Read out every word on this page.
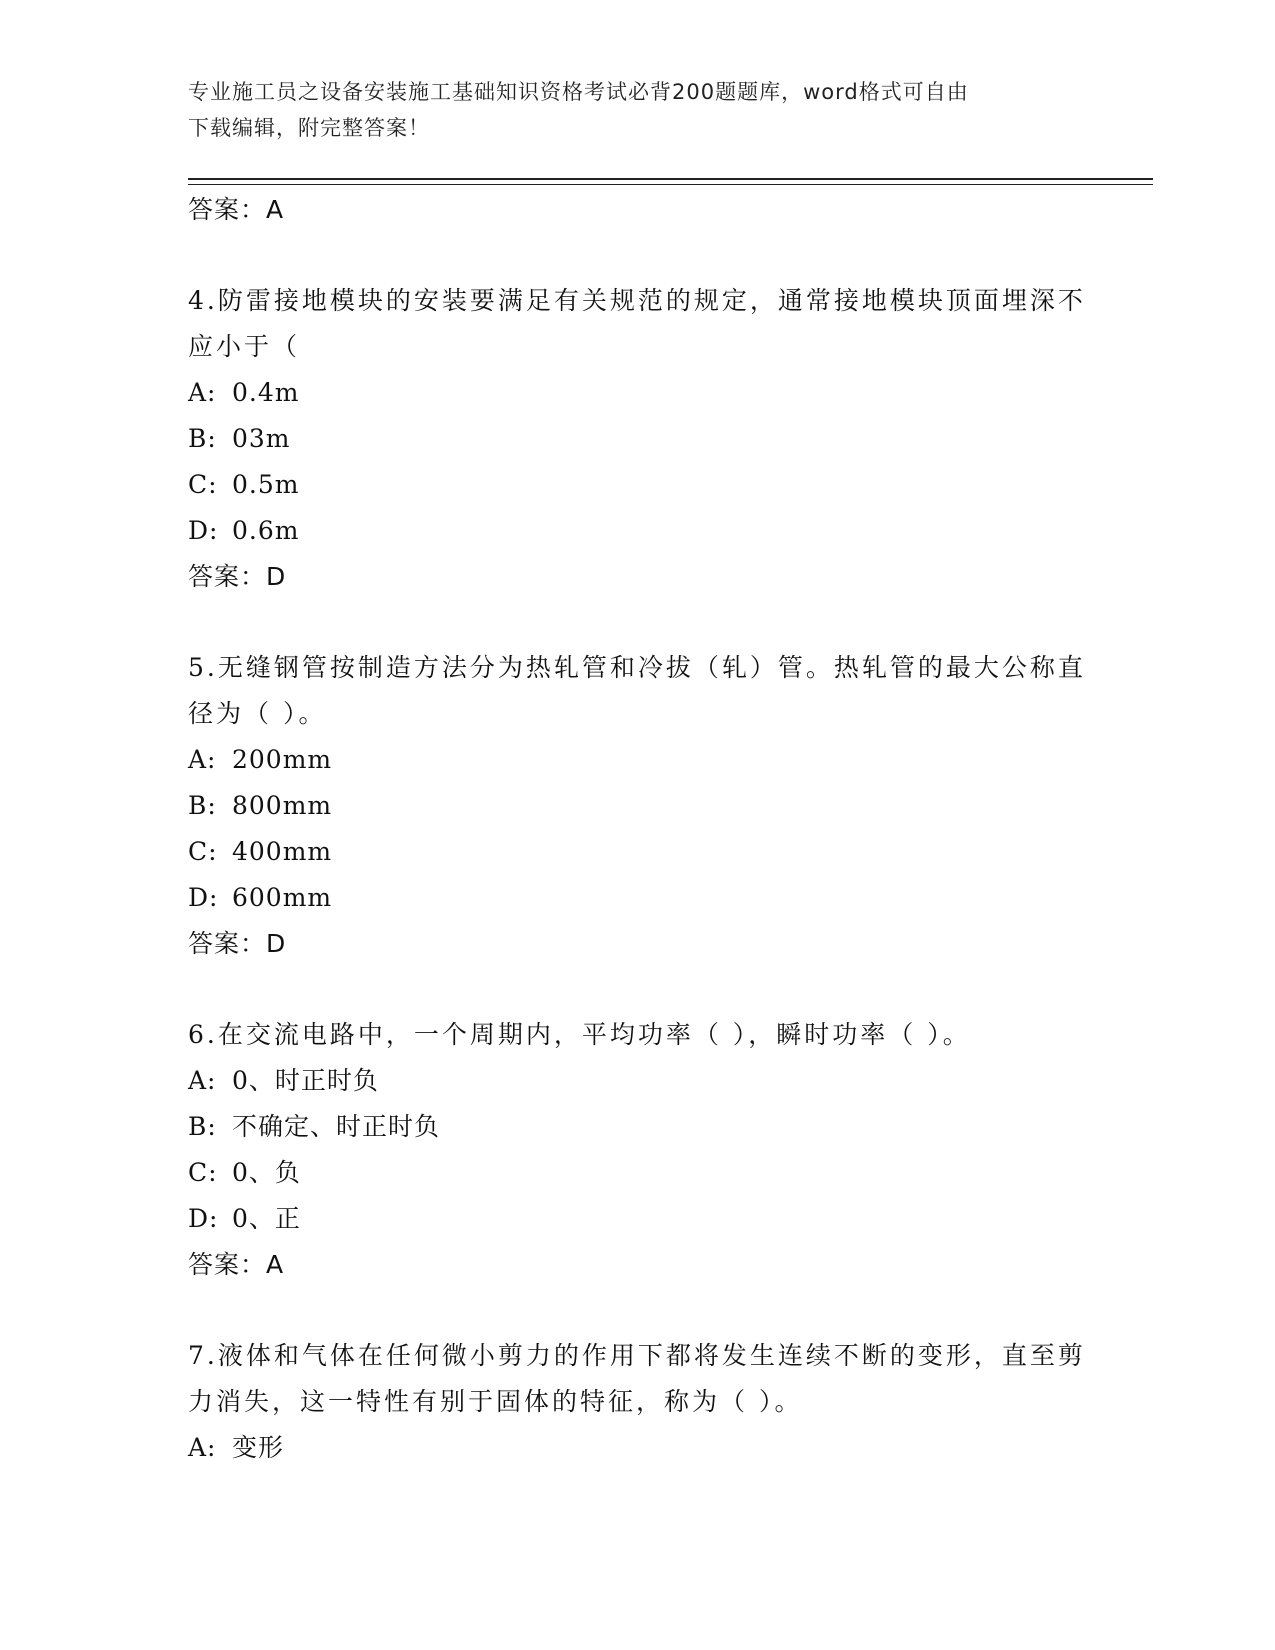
专业施工员之设备安装施工基础知识资格考试必背200题题库，word格式可自由
下载编辑，附完整答案！
答案：A
4.防雷接地模块的安装要满足有关规范的规定，通常接地模块顶面埋深不应小于（
A: 0.4m
B: 03m
C: 0.5m
D: 0.6m
答案：D
5.无缝钢管按制造方法分为热轧管和冷拔（轧）管。热轧管的最大公称直径为（ ）。
A: 200mm
B: 800mm
C: 400mm
D: 600mm
答案：D
6.在交流电路中，一个周期内，平均功率（ ），瞬时功率（ ）。
A: 0、时正时负
B: 不确定、时正时负
C: 0、负
D: 0、正
答案：A
7.液体和气体在任何微小剪力的作用下都将发生连续不断的变形，直至剪力消失，这一特性有别于固体的特征，称为（ ）。
A: 变形
